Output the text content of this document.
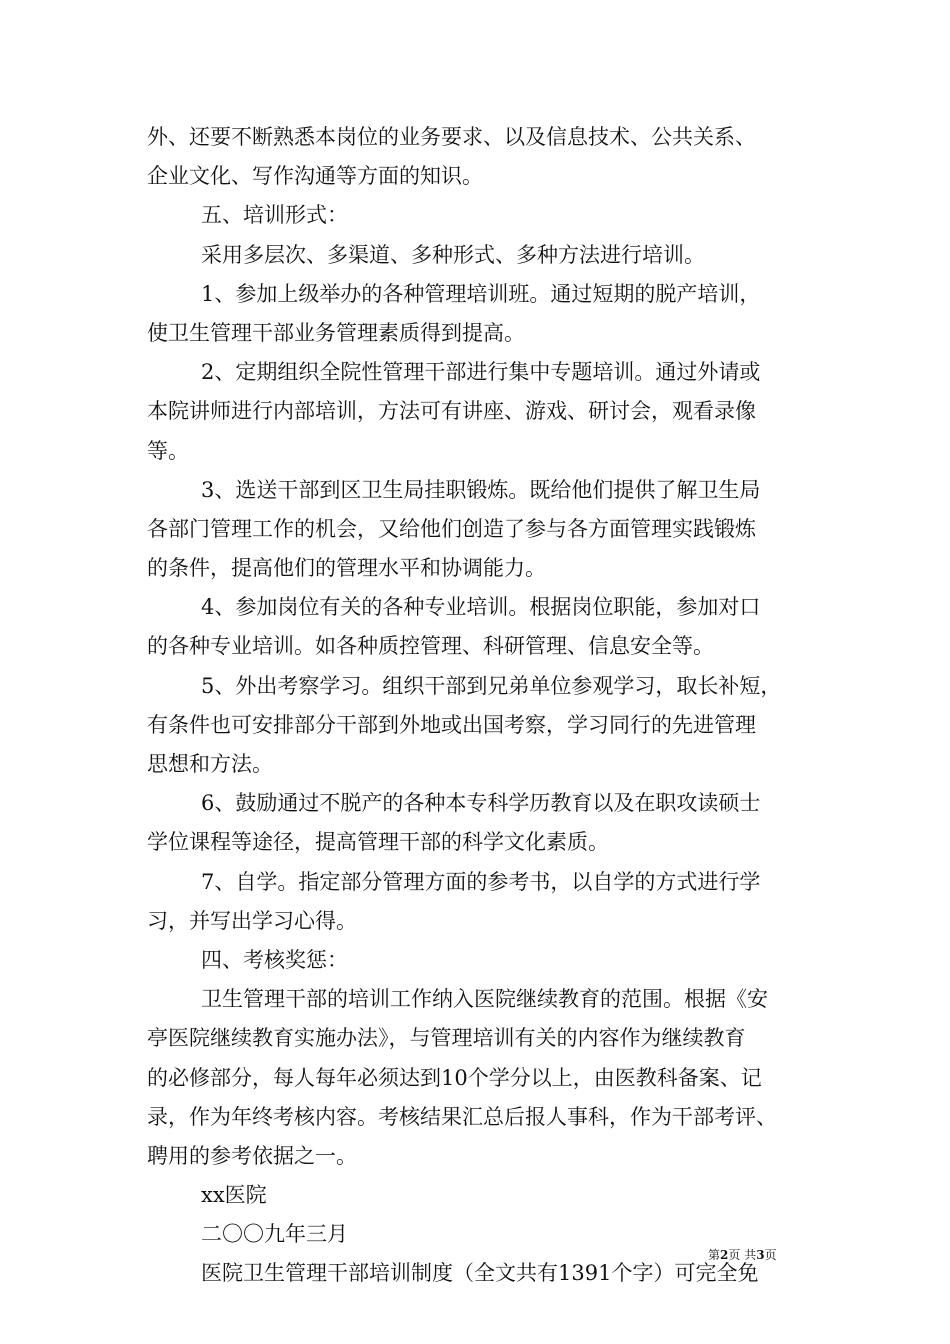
外、还要不断熟悉本岗位的业务要求、以及信息技术、公共关系、
企业文化、写作沟通等方面的知识。
五、培训形式：
采用多层次、多渠道、多种形式、多种方法进行培训。
1、参加上级举办的各种管理培训班。通过短期的脱产培训，
使卫生管理干部业务管理素质得到提高。
2、定期组织全院性管理干部进行集中专题培训。通过外请或
本院讲师进行内部培训，方法可有讲座、游戏、研讨会，观看录像
等。
3、选送干部到区卫生局挂职锻炼。既给他们提供了解卫生局
各部门管理工作的机会，又给他们创造了参与各方面管理实践锻炼
的条件，提高他们的管理水平和协调能力。
4、参加岗位有关的各种专业培训。根据岗位职能，参加对口
的各种专业培训。如各种质控管理、科研管理、信息安全等。
5、外出考察学习。组织干部到兄弟单位参观学习，取长补短，
有条件也可安排部分干部到外地或出国考察，学习同行的先进管理
思想和方法。
6、鼓励通过不脱产的各种本专科学历教育以及在职攻读硕士
学位课程等途径，提高管理干部的科学文化素质。
7、自学。指定部分管理方面的参考书，以自学的方式进行学
习，并写出学习心得。
四、考核奖惩：
卫生管理干部的培训工作纳入医院继续教育的范围。根据《安
亭医院继续教育实施办法》，与管理培训有关的内容作为继续教育
的必修部分，每人每年必须达到10个学分以上，由医教科备案、记
录，作为年终考核内容。考核结果汇总后报人事科，作为干部考评、
聘用的参考依据之一。
xx医院
二〇〇九年三月
医院卫生管理干部培训制度（全文共有1391个字）可完全免
第2页 共3页
